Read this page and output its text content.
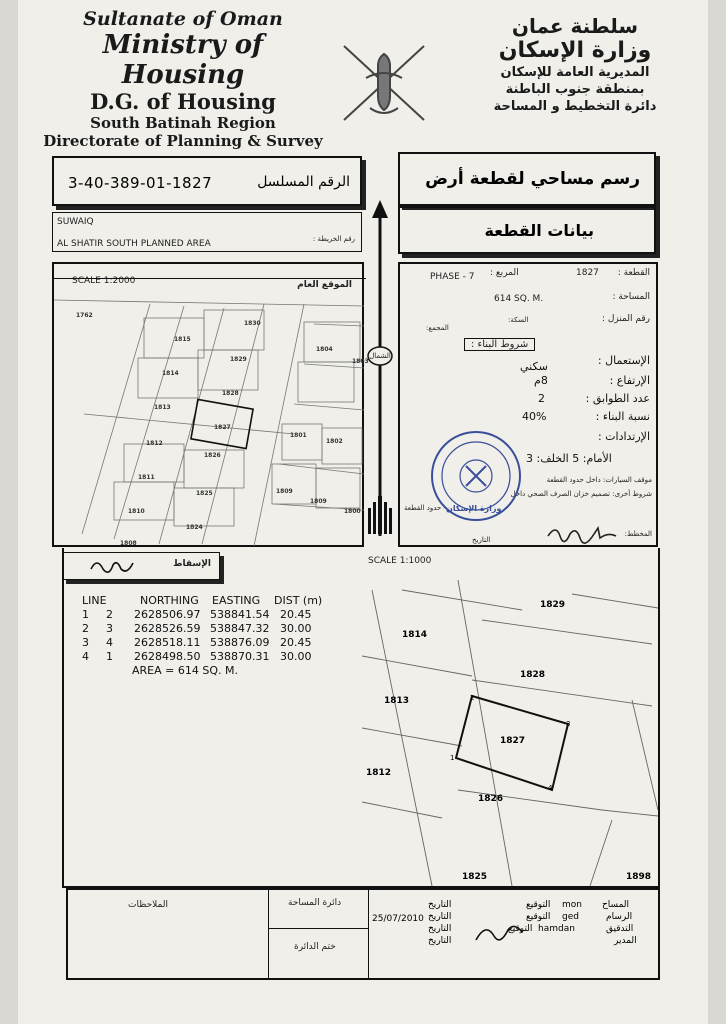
Sultanate of Oman
Ministry of Housing
D.G. of Housing
South Batinah Region
Directorate of Planning & Survey
سلطنة عمان
وزارة الإسكان
المديرية العامة للإسكان
بمنطقة جنوب الباطنة
دائرة التخطيط و المساحة
الرقم المسلسل
3-40-389-01-1827	رسم مساحي لقطعة أرض
SUWAIQ
AL SHATIR SOUTH PLANNED AREA	رقم الخريطة :	بيانات القطعة
الشمال
SCALE 1:2000	الموقع العام
1762
1830
1815
1829
1804
1803
1814
1828
1813
1827
1812
1826
1811
1825
1810
1824
1801
1802
1800
1809
1809
1808
القطعة :
1827
المربع :
PHASE - 7
المساحة :
614 SQ. M.
رقم المنزل :
السكة:
المجمع:
شروط البناء :
الإستعمال :
سكني
الإرتفاع :
8م
عدد الطوابق :
2
نسبة البناء :
40%
الإرتدادات :
الأمام: 5 الخلف: 3
موقف السيارات: داخل حدود القطعة
شروط أخرى: تصميم خزان الصرف الصحي داخل
حدود القطعة
المخطط:
التاريخ
وزارة الإسكان
الإسقاط	SCALE 1:1000
LINE	NORTHING EASTING DIST (m)
1 2 2628506.97 538841.54 20.45
2 3 2628526.59 538847.32 30.00
3 4 2628518.11 538876.09 20.45
4 1 2628498.50 538870.31 30.00
AREA = 614 SQ. M.
2
3
4
1
1829
1814
1828
1813
1827
1812
1826
1825	1898
الملاحظات	دائرة المساحة
ختم الدائرة
التاريخ	التوقيع mon المساح
25/07/2010 التاريخ	التوقيع ged	الرسام
التاريخ	التوقيع hamdan	التدقيق
التاريخ	المدير
